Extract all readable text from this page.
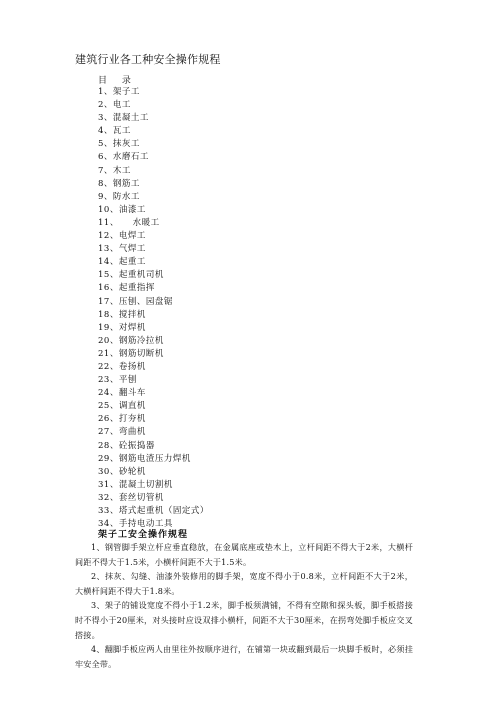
建筑行业各工种安全操作规程
目 录
1、架子工
2、电工
3、混凝土工
4、瓦工
5、抹灰工
6、水磨石工
7、木工
8、钢筋工
9、防水工
10、油漆工
11、　　水暖工
12、电焊工
13、气焊工
14、起重工
15、起重机司机
16、起重指挥
17、压刨、园盘锯
18、搅拌机
19、对焊机
20、钢筋冷拉机
21、钢筋切断机
22、卷扬机
23、平刨
24、翻斗车
25、调直机
26、打夯机
27、弯曲机
28、砼振捣器
29、钢筋电渣压力焊机
30、砂轮机
31、混凝土切割机
32、套丝切管机
33、塔式起重机（固定式）
34、手持电动工具
架子工安全操作规程

1、钢管脚手架立杆应垂直稳放，在金属底座或垫木上，立杆间距不得大于2米，大横杆间距不得大于1.5米，小横杆间距不大于1.5米。

2、抹灰、勾缝、油漆外装修用的脚手架，宽度不得小于0.8米，立杆间距不大于2米，大横杆间距不得大于1.8米。

3、架子的铺设宽度不得小于1.2米，脚手板须满铺，不得有空隙和探头板，脚手板搭接时不得小于20厘米，对头接时应设双排小横杆，间距不大于30厘米，在拐弯处脚手板应交叉搭接。

4、翻脚手板应两人由里往外按顺序进行，在铺第一块或翻到最后一块脚手板时，必须挂牢安全带。
